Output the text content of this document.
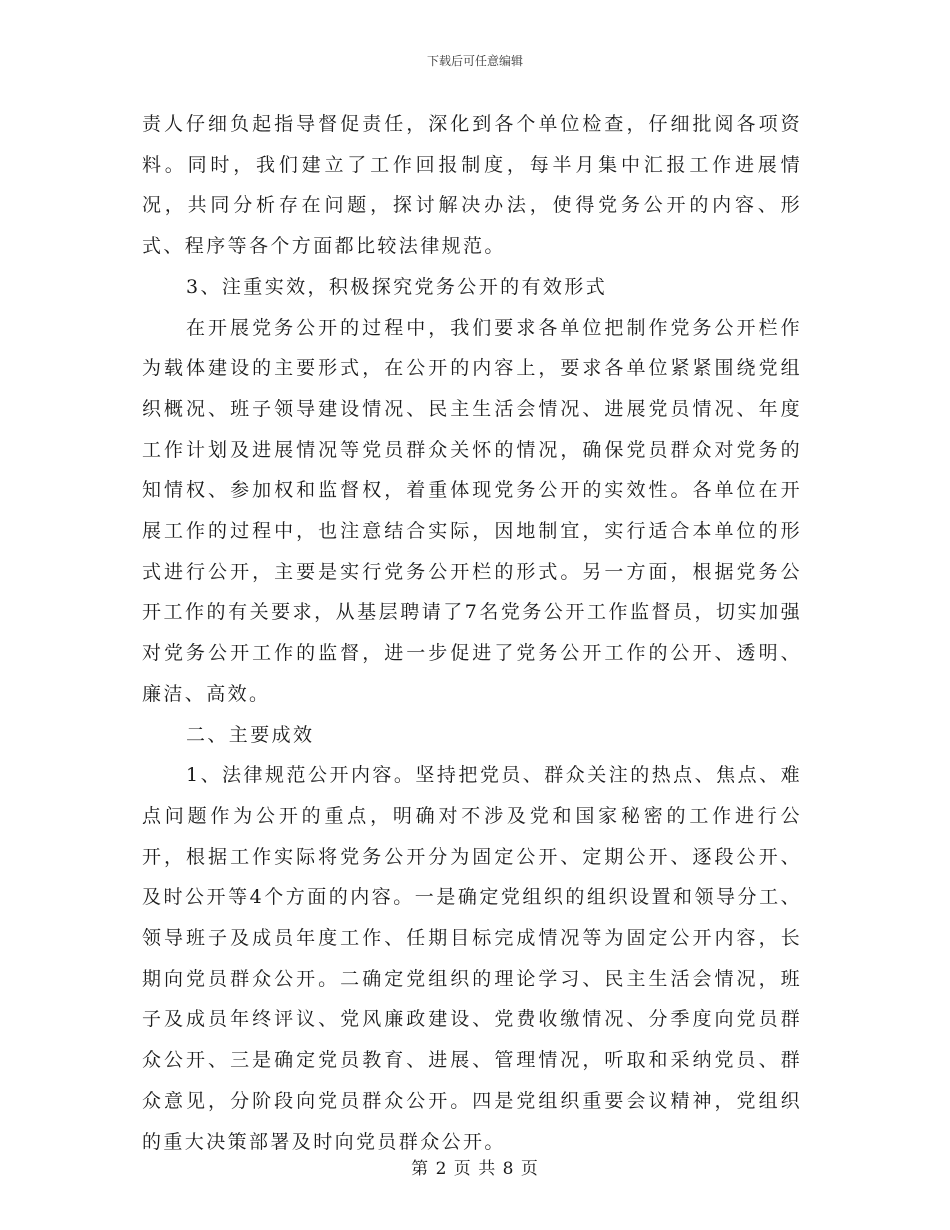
下载后可任意编辑

责人仔细负起指导督促责任，深化到各个单位检查，仔细批阅各项资料。同时，我们建立了工作回报制度，每半月集中汇报工作进展情况，共同分析存在问题，探讨解决办法，使得党务公开的内容、形式、程序等各个方面都比较法律规范。

3、注重实效，积极探究党务公开的有效形式

在开展党务公开的过程中，我们要求各单位把制作党务公开栏作为载体建设的主要形式，在公开的内容上，要求各单位紧紧围绕党组织概况、班子领导建设情况、民主生活会情况、进展党员情况、年度工作计划及进展情况等党员群众关怀的情况，确保党员群众对党务的知情权、参加权和监督权，着重体现党务公开的实效性。各单位在开展工作的过程中，也注意结合实际，因地制宜，实行适合本单位的形式进行公开，主要是实行党务公开栏的形式。另一方面，根据党务公开工作的有关要求，从基层聘请了7名党务公开工作监督员，切实加强对党务公开工作的监督，进一步促进了党务公开工作的公开、透明、廉洁、高效。

二、主要成效

1、法律规范公开内容。坚持把党员、群众关注的热点、焦点、难点问题作为公开的重点，明确对不涉及党和国家秘密的工作进行公开，根据工作实际将党务公开分为固定公开、定期公开、逐段公开、及时公开等4个方面的内容。一是确定党组织的组织设置和领导分工、领导班子及成员年度工作、任期目标完成情况等为固定公开内容，长期向党员群众公开。二确定党组织的理论学习、民主生活会情况，班子及成员年终评议、党风廉政建设、党费收缴情况、分季度向党员群众公开、三是确定党员教育、进展、管理情况，听取和采纳党员、群众意见，分阶段向党员群众公开。四是党组织重要会议精神，党组织的重大决策部署及时向党员群众公开。

第 2 页 共 8 页
